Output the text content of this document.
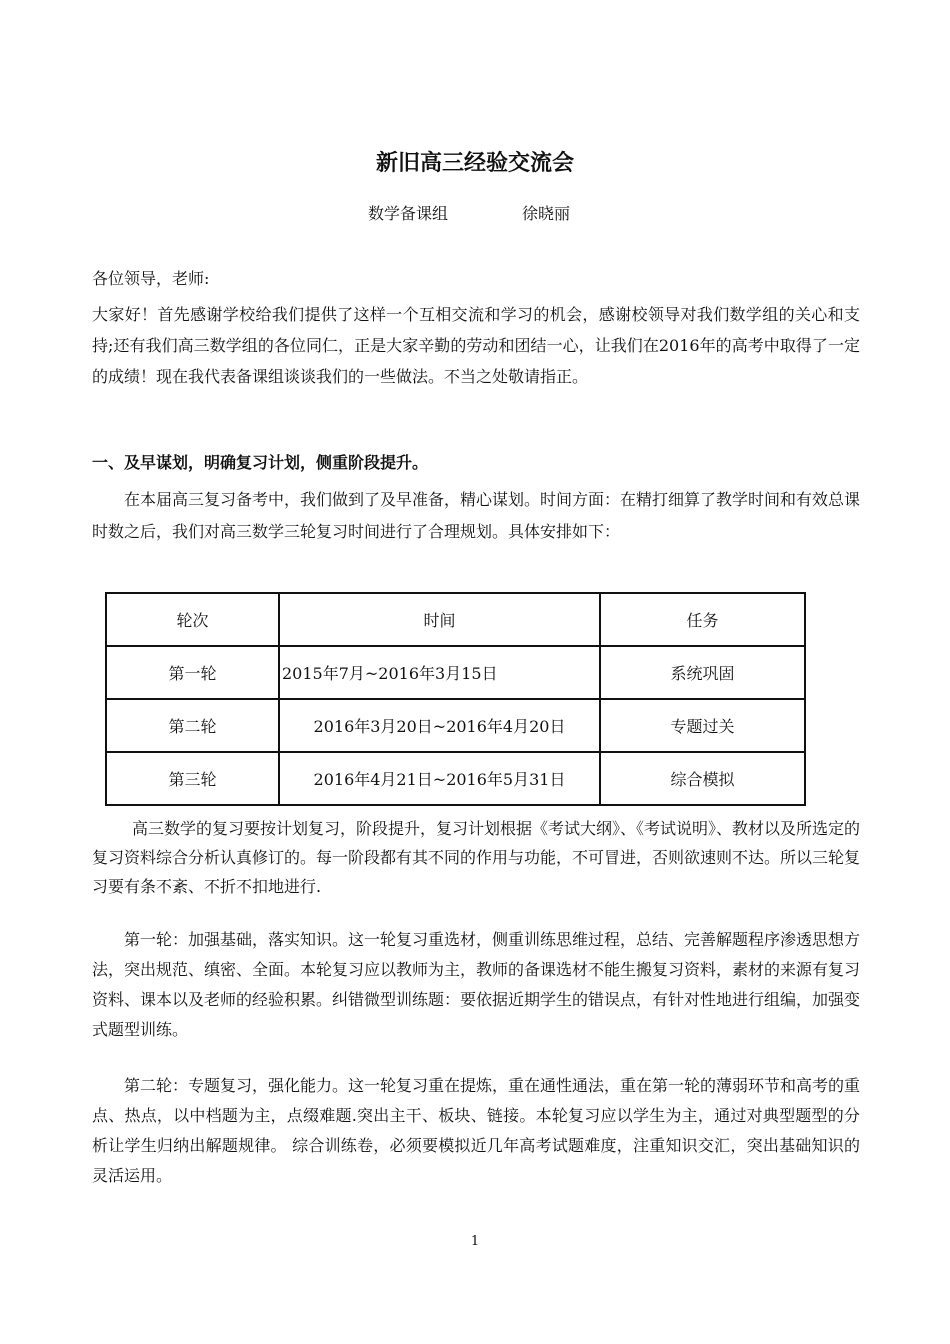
新旧高三经验交流会
数学备课组	徐晓丽

各位领导，老师:

大家好！首先感谢学校给我们提供了这样一个互相交流和学习的机会，感谢校领导对我们数学组的关心和支持;还有我们高三数学组的各位同仁，正是大家辛勤的劳动和团结一心，让我们在2016年的高考中取得了一定的成绩！现在我代表备课组谈谈我们的一些做法。不当之处敬请指正。

一、及早谋划，明确复习计划，侧重阶段提升。

在本届高三复习备考中，我们做到了及早准备，精心谋划。时间方面：在精打细算了教学时间和有效总课时数之后，我们对高三数学三轮复习时间进行了合理规划。具体安排如下：

轮次	时间	任务
第一轮	2015年7月~2016年3月15日	系统巩固
第二轮	2016年3月20日~2016年4月20日	专题过关
第三轮	2016年4月21日~2016年5月31日	综合模拟

高三数学的复习要按计划复习，阶段提升，复习计划根据《考试大纲》、《考试说明》、教材以及所选定的复习资料综合分析认真修订的。每一阶段都有其不同的作用与功能，不可冒进，否则欲速则不达。所以三轮复习要有条不紊、不折不扣地进行.

第一轮：加强基础，落实知识。这一轮复习重选材，侧重训练思维过程，总结、完善解题程序渗透思想方法，突出规范、缜密、全面。本轮复习应以教师为主，教师的备课选材不能生搬复习资料，素材的来源有复习资料、课本以及老师的经验积累。纠错微型训练题：要依据近期学生的错误点，有针对性地进行组编，加强变式题型训练。

第二轮：专题复习，强化能力。这一轮复习重在提炼，重在通性通法，重在第一轮的薄弱环节和高考的重点、热点，以中档题为主，点缀难题.突出主干、板块、链接。本轮复习应以学生为主，通过对典型题型的分析让学生归纳出解题规律。 综合训练卷，必须要模拟近几年高考试题难度，注重知识交汇，突出基础知识的灵活运用。

1
